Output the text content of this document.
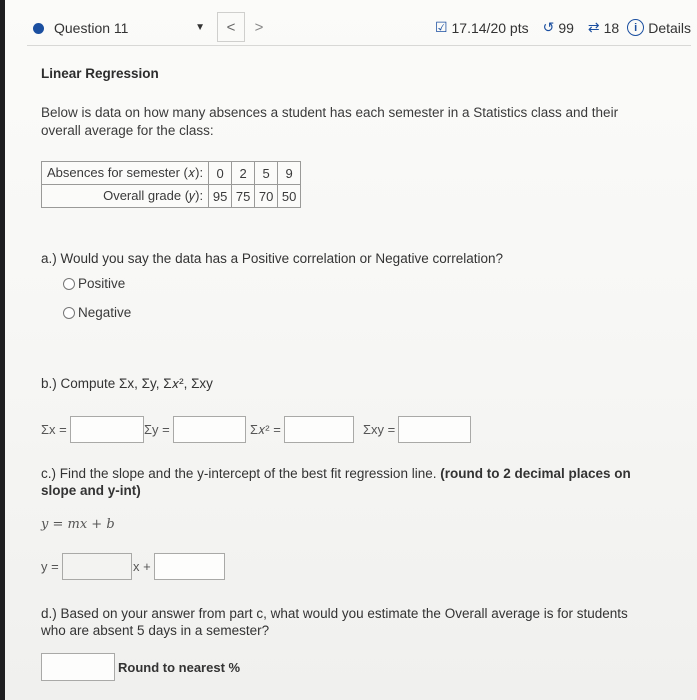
Question 11	▼	<	>	☑ 17.14/20 pts ↺ 99 ⇄ 18	i Details
Linear Regression
Below is data on how many absences a student has each semester in a Statistics class and their overall average for the class:
Absences for semester (𝑥):	0	2	5	9
Overall grade (𝑦):	95	75	70	50
a.) Would you say the data has a Positive correlation or Negative correlation?
Positive
Negative
b.) Compute Σx, Σy, Σ𝑥², Σxy
Σx =	Σy =	Σ𝑥² =	Σxy =
c.) Find the slope and the y-intercept of the best fit regression line. (round to 2 decimal places on slope and y-int)
y = mx + b
y =	x +
d.) Based on your answer from part c, what would you estimate the Overall average is for students who are absent 5 days in a semester?
Round to nearest %
